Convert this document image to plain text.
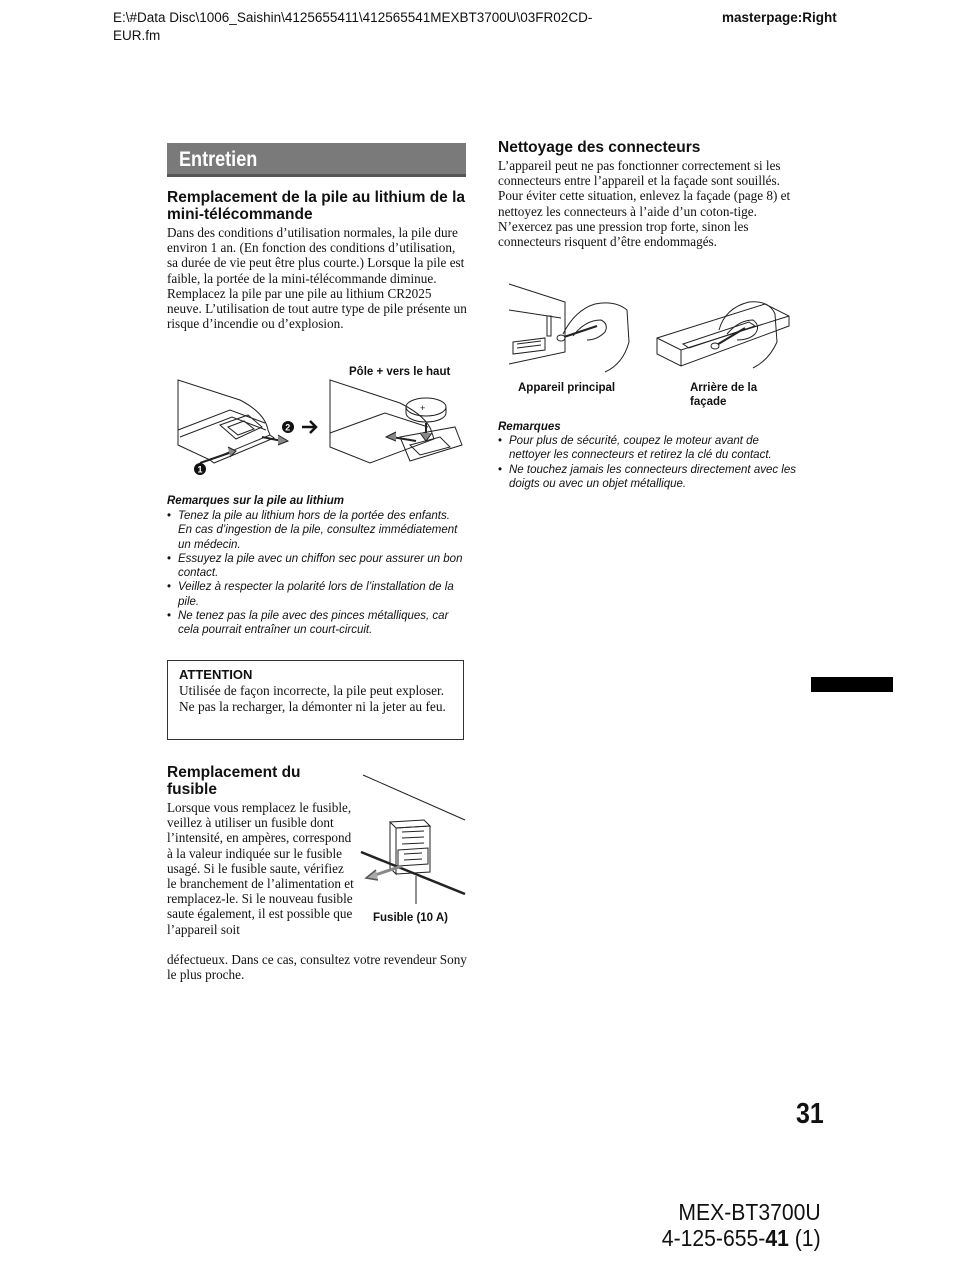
E:\#Data Disc\1006_Saishin\4125655411\412565541MEXBT3700U\03FR02CD-EUR.fm
masterpage:Right
Entretien
Remplacement de la pile au lithium de la mini-télécommande
Dans des conditions d’utilisation normales, la pile dure environ 1 an. (En fonction des conditions d’utilisation, sa durée de vie peut être plus courte.) Lorsque la pile est faible, la portée de la mini-télécommande diminue. Remplacez la pile par une pile au lithium CR2025 neuve. L’utilisation de tout autre type de pile présente un risque d’incendie ou d’explosion.
Pôle + vers le haut
+
1
2
Remarques sur la pile au lithium
• Tenez la pile au lithium hors de la portée des enfants. En cas d’ingestion de la pile, consultez immédiatement un médecin.
• Essuyez la pile avec un chiffon sec pour assurer un bon contact.
• Veillez à respecter la polarité lors de l’installation de la pile.
• Ne tenez pas la pile avec des pinces métalliques, car cela pourrait entraîner un court-circuit.
ATTENTION
Utilisée de façon incorrecte, la pile peut exploser. Ne pas la recharger, la démonter ni la jeter au feu.
Remplacement du fusible
Lorsque vous remplacez le fusible, veillez à utiliser un fusible dont l’intensité, en ampères, correspond à la valeur indiquée sur le fusible usagé. Si le fusible saute, vérifiez le branchement de l’alimentation et remplacez-le. Si le nouveau fusible saute également, il est possible que l’appareil soit
défectueux. Dans ce cas, consultez votre revendeur Sony le plus proche.
Fusible (10 A)
Nettoyage des connecteurs
L’appareil peut ne pas fonctionner correctement si les connecteurs entre l’appareil et la façade sont souillés. Pour éviter cette situation, enlevez la façade (page 8) et nettoyez les connecteurs à l’aide d’un coton-tige. N’exercez pas une pression trop forte, sinon les connecteurs risquent d’être endommagés.
Appareil principal	Arrière de la façade
Remarques
• Pour plus de sécurité, coupez le moteur avant de nettoyer les connecteurs et retirez la clé du contact.
• Ne touchez jamais les connecteurs directement avec les doigts ou avec un objet métallique.
31
MEX-BT3700U
4-125-655-41 (1)
